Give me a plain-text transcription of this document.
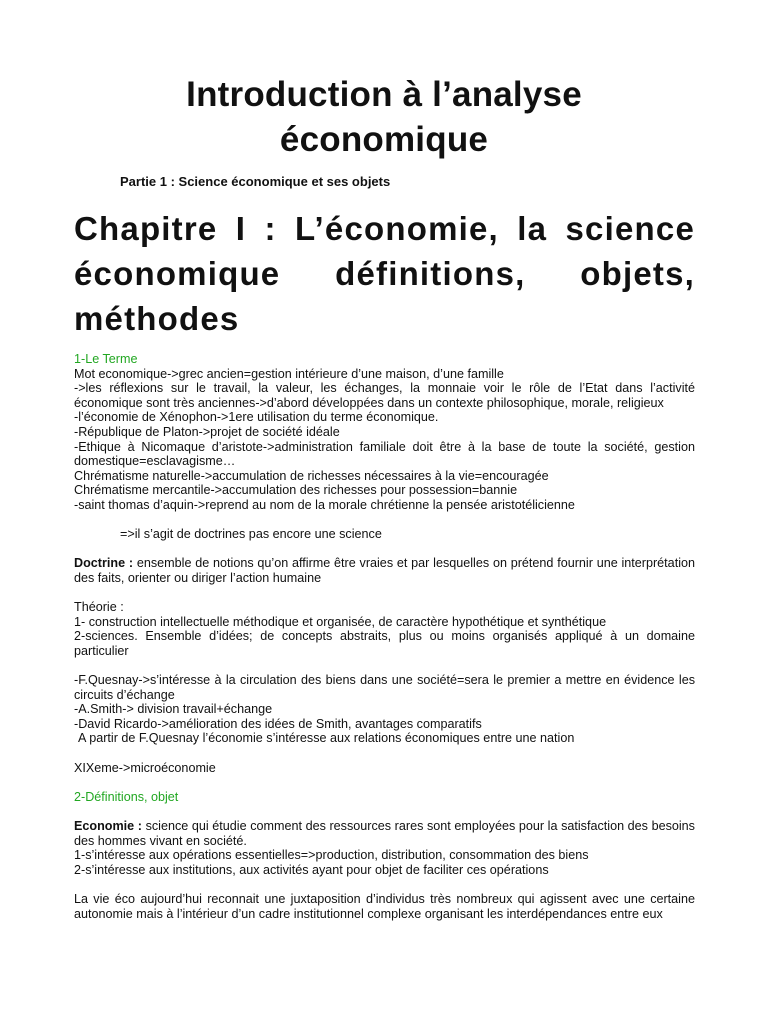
Introduction à l’analyse
économique

Partie 1 : Science économique et ses objets

Chapitre I : L’économie, la science économique définitions, objets, méthodes

1-Le Terme

Mot economique->grec ancien=gestion intérieure d’une maison, d’une famille

->les réflexions sur le travail, la valeur, les échanges, la monnaie voir le rôle de l’Etat dans l’activité économique sont très anciennes->d’abord développées dans un contexte philosophique, morale, religieux

-l’économie de Xénophon->1ere utilisation du terme économique.

-République de Platon->projet de société idéale

-Ethique à Nicomaque d’aristote->administration familiale doit être à la base de toute la société, gestion domestique=esclavagisme…

Chrématisme naturelle->accumulation de richesses nécessaires à la vie=encouragée

Chrématisme mercantile->accumulation des richesses pour possession=bannie

-saint thomas d’aquin->reprend au nom de la morale chrétienne la pensée aristotélicienne

=>il s’agit de doctrines pas encore une science

Doctrine : ensemble de notions qu’on affirme être vraies et par lesquelles on prétend fournir une interprétation des faits, orienter ou diriger l’action humaine

Théorie :

1- construction intellectuelle méthodique et organisée, de caractère hypothétique et synthétique

2-sciences. Ensemble d’idées; de concepts abstraits, plus ou moins organisés appliqué à un domaine particulier

-F.Quesnay->s’intéresse à la circulation des biens dans une société=sera le premier a mettre en évidence les circuits d’échange

-A.Smith-> division travail+échange

-David Ricardo->amélioration des idées de Smith, avantages comparatifs

A partir de F.Quesnay l’économie s’intéresse aux relations économiques entre une nation

XIXeme->microéconomie

2-Définitions, objet

Economie : science qui étudie comment des ressources rares sont employées pour la satisfaction des besoins des hommes vivant en société.

1-s’intéresse aux opérations essentielles=>production, distribution, consommation des biens

2-s’intéresse aux institutions, aux activités ayant pour objet de faciliter ces opérations

La vie éco aujourd’hui reconnait une juxtaposition d’individus très nombreux qui agissent avec une certaine autonomie mais à l’intérieur d’un cadre institutionnel complexe organisant les interdépendances entre eux
